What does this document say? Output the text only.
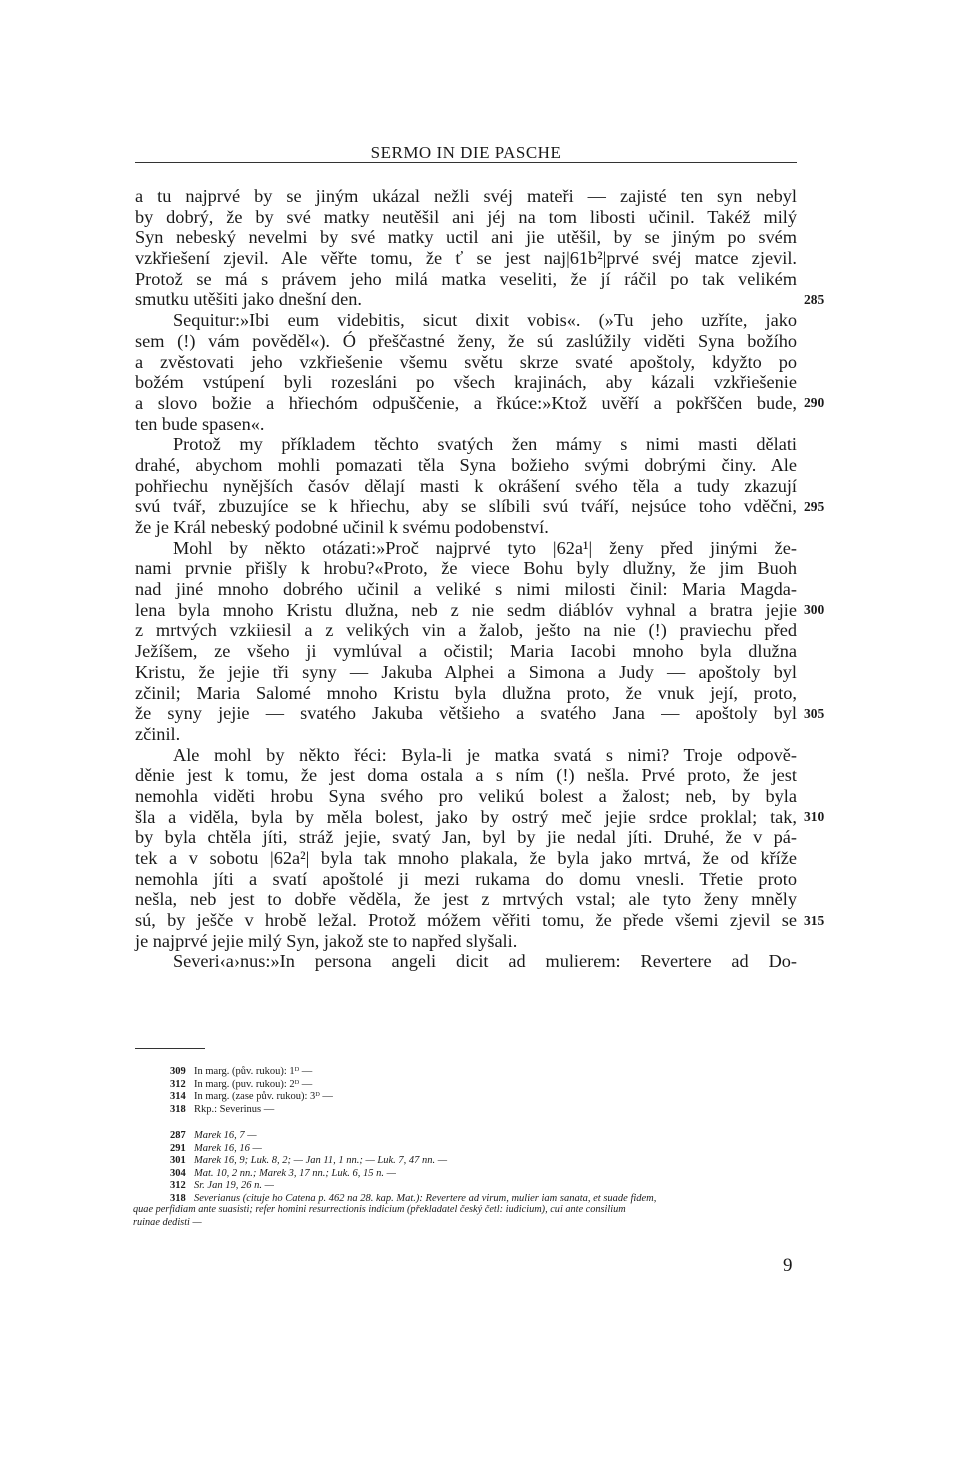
SERMO IN DIE PASCHE
a tu najprvé by se jiným ukázal nežli svéj mateři — zajisté ten syn nebyl
by dobrý, že by své matky neutěšil ani jéj na tom libosti učinil. Takéž milý
Syn nebeský nevelmi by své matky uctil ani jie utěšil, by se jiným po svém
vzkřiešení zjevil. Ale věřte tomu, že ť se jest naj|61b²|prvé svéj matce zjevil.
Protož se má s právem jeho milá matka veseliti, že jí ráčil po tak velikém
smutku utěšiti jako dnešní den.
Sequitur:»Ibi eum videbitis, sicut dixit vobis«. (»Tu jeho uzříte, jako
sem (!) vám pověděl«). Ó přeščastné ženy, že sú zaslúžily viděti Syna božího
a zvěstovati jeho vzkřiešenie všemu světu skrze svaté apoštoly, kdyžto po
božém vstúpení byli rozesláni po všech krajinách, aby kázali vzkřiešenie
a slovo božie a hřiechóm odpuščenie, a řkúce:»Ktož uvěří a pokřščen bude,
ten bude spasen«.
Protož my příkladem těchto svatých žen mámy s nimi masti dělati
drahé, abychom mohli pomazati těla Syna božieho svými dobrými činy. Ale
pohřiechu nynějších časóv dělají masti k okrášení svého těla a tudy zkazují
svú tvář, zbuzujíce se k hřiechu, aby se slíbili svú tváří, nejsúce toho vděčni,
že je Král nebeský podobné učinil k svému podobenství.
Mohl by někto otázati:»Proč najprvé tyto |62a¹| ženy před jinými že-
nami prvnie přišly k hrobu?«Proto, že viece Bohu byly dlužny, že jim Buoh
nad jiné mnoho dobrého učinil a veliké s nimi milosti činil: Maria Magda-
lena byla mnoho Kristu dlužna, neb z nie sedm diáblóv vyhnal a bratra jejie
z mrtvých vzkiiesil a z velikých vin a žalob, ještо na nie (!) praviechu před
Ježíšem, ze všeho ji vymlúval a očistil; Maria Iacobi mnoho byla dlužna
Kristu, že jejie tři syny — Jakuba Alphei a Simona a Judy — apoštoly byl
zčinil; Maria Salomé mnoho Kristu byla dlužna proto, že vnuk její, proto,
že syny jejie — svatého Jakuba většieho a svatého Jana — apoštoly byl
zčinil.
Ale mohl by někto řéci: Byla-li je matka svatá s nimi? Troje odpově-
děnie jest k tomu, že jest doma ostala a s ním (!) nešla. Prvé proto, že jest
nemohla viděti hrobu Syna svého pro velikú bolest a žalost; neb, by byla
šla a viděla, byla by měla bolest, jako by ostrý meč jejie srdce proklal; tak,
by byla chtěla jíti, stráž jejie, svatý Jan, byl by jie nedal jíti. Druhé, že v pá-
tek a v sobotu |62a²| byla tak mnoho plakala, že byla jako mrtvá, že od kříže
nemohla jíti a svatí apoštolé ji mezi rukama do domu vnesli. Třetie proto
nešla, neb jest to dobře věděla, že jest z mrtvých vstal; ale tyto ženy mněly
sú, by ješče v hrobě ležal. Protož móžem věřiti tomu, že přede všemi zjevil se
je najprvé jejie milý Syn, jakož ste to napřed slyšali.
Severi‹a›nus:»In persona angeli dicit ad mulierem: Revertere ad Do-
285
290
295
300
305
310
315
309 In marg. (pův. rukou): 1ᴰ —
312 In marg. (puv. rukou): 2ᴰ —
314 In marg. (zase pův. rukou): 3ᴰ —
318 Rkp.: Severinus —
287 Marek 16, 7 —
291 Marek 16, 16 —
301 Marek 16, 9; Luk. 8, 2; — Jan 11, 1 nn.; — Luk. 7, 47 nn. —
304 Mat. 10, 2 nn.; Marek 3, 17 nn.; Luk. 6, 15 n. —
312 Sr. Jan 19, 26 n. —
318 Severianus (cituje ho Catena p. 462 na 28. kap. Mat.): Revertere ad virum, mulier iam sanata, et suade fidem,
quae perfidiam ante suasisti; refer homini resurrectionis indicium (překladatel český četl: iudicium), cui ante consilium
ruinae dedisti —
9
